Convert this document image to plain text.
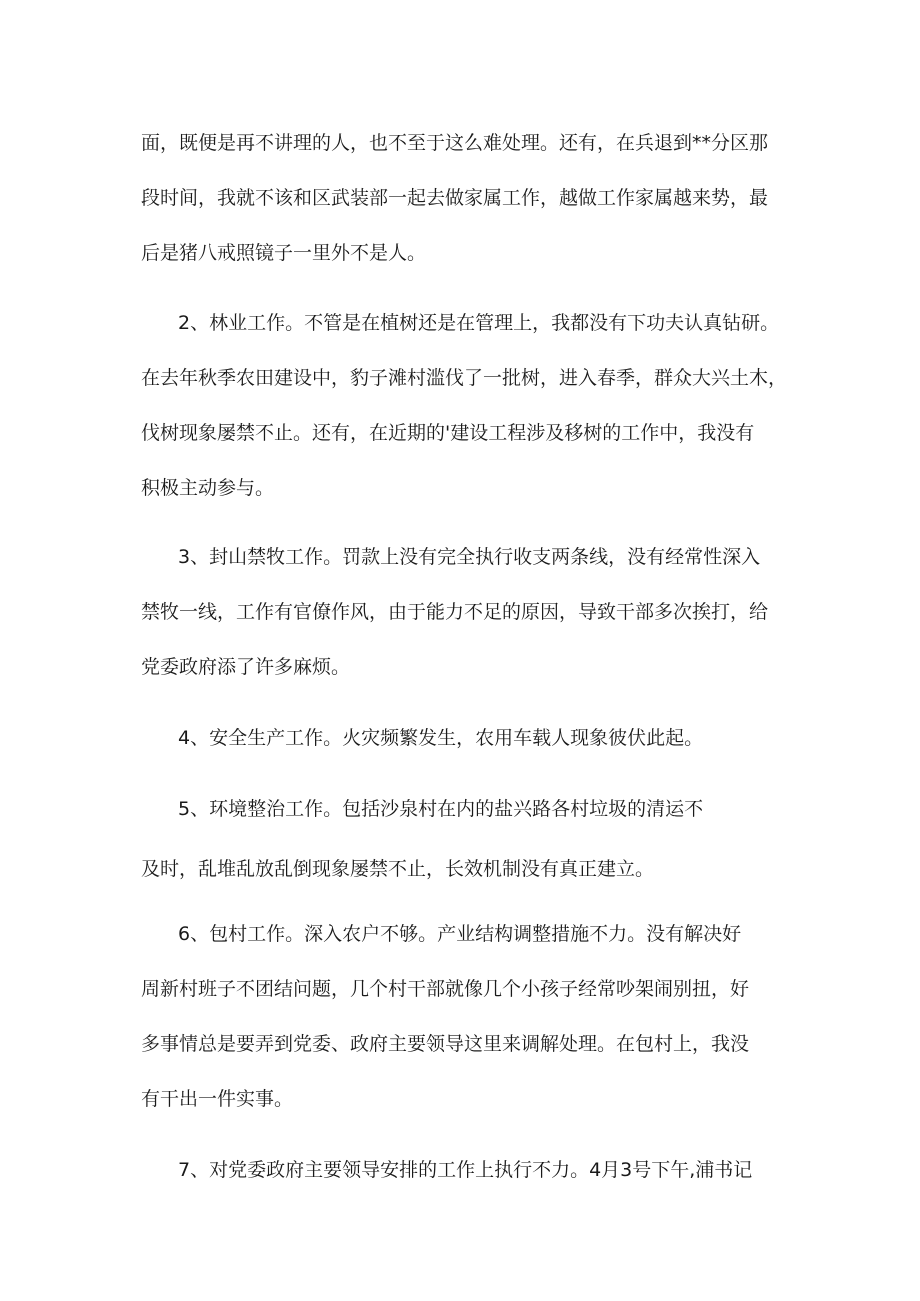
面，既便是再不讲理的人，也不至于这么难处理。还有，在兵退到**分区那
段时间，我就不该和区武装部一起去做家属工作，越做工作家属越来势，最
后是猪八戒照镜子一里外不是人。
2、林业工作。不管是在植树还是在管理上，我都没有下功夫认真钻研。
在去年秋季农田建设中，豹子滩村滥伐了一批树，进入春季，群众大兴土木，
伐树现象屡禁不止。还有，在近期的'建设工程涉及移树的工作中，我没有
积极主动参与。
3、封山禁牧工作。罚款上没有完全执行收支两条线，没有经常性深入
禁牧一线，工作有官僚作风，由于能力不足的原因，导致干部多次挨打，给
党委政府添了许多麻烦。
4、安全生产工作。火灾频繁发生，农用车载人现象彼伏此起。
5、环境整治工作。包括沙泉村在内的盐兴路各村垃圾的清运不
及时，乱堆乱放乱倒现象屡禁不止，长效机制没有真正建立。
6、包村工作。深入农户不够。产业结构调整措施不力。没有解决好
周新村班子不团结问题，几个村干部就像几个小孩子经常吵架闹别扭，好
多事情总是要弄到党委、政府主要领导这里来调解处理。在包村上，我没
有干出一件实事。
7、对党委政府主要领导安排的工作上执行不力。4月3号下午,浦书记
